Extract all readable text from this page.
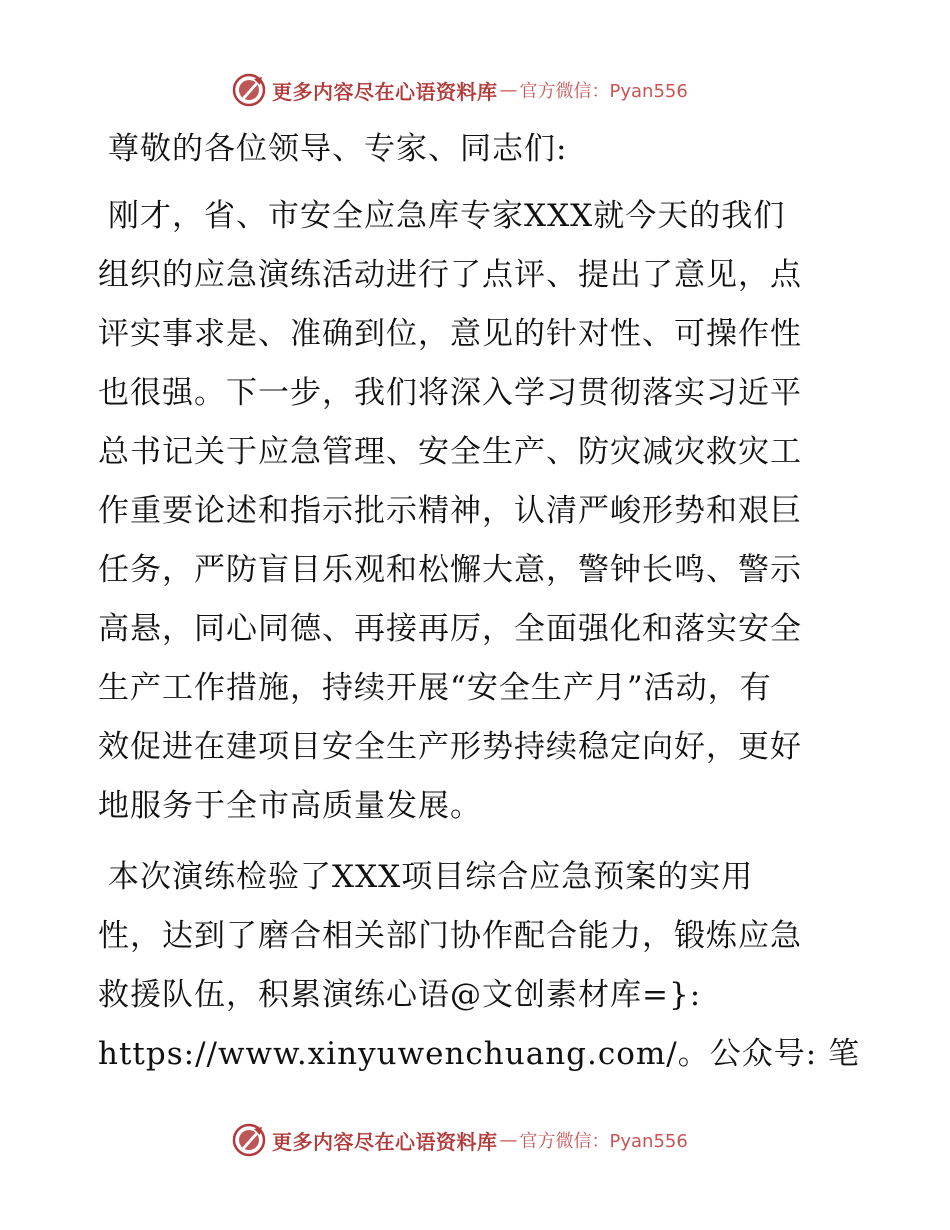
更多内容尽在心语资料库 — 官方微信：Pyan556

尊敬的各位领导、专家、同志们:

刚才，省、市安全应急库专家XXX就今天的我们
组织的应急演练活动进行了点评、提出了意见，点
评实事求是、准确到位，意见的针对性、可操作性
也很强。下一步，我们将深入学习贯彻落实习近平
总书记关于应急管理、安全生产、防灾减灾救灾工
作重要论述和指示批示精神，认清严峻形势和艰巨
任务，严防盲目乐观和松懈大意，警钟长鸣、警示
高悬，同心同德、再接再厉，全面强化和落实安全
生产工作措施，持续开展“安全生产月”活动，有
效促进在建项目安全生产形势持续稳定向好，更好
地服务于全市高质量发展。

本次演练检验了XXX项目综合应急预案的实用
性，达到了磨合相关部门协作配合能力，锻炼应急
救援队伍，积累演练心语@文创素材库=}:
https://www.xinyuwenchuang.com/。公众号: 笔

更多内容尽在心语资料库 — 官方微信：Pyan556
